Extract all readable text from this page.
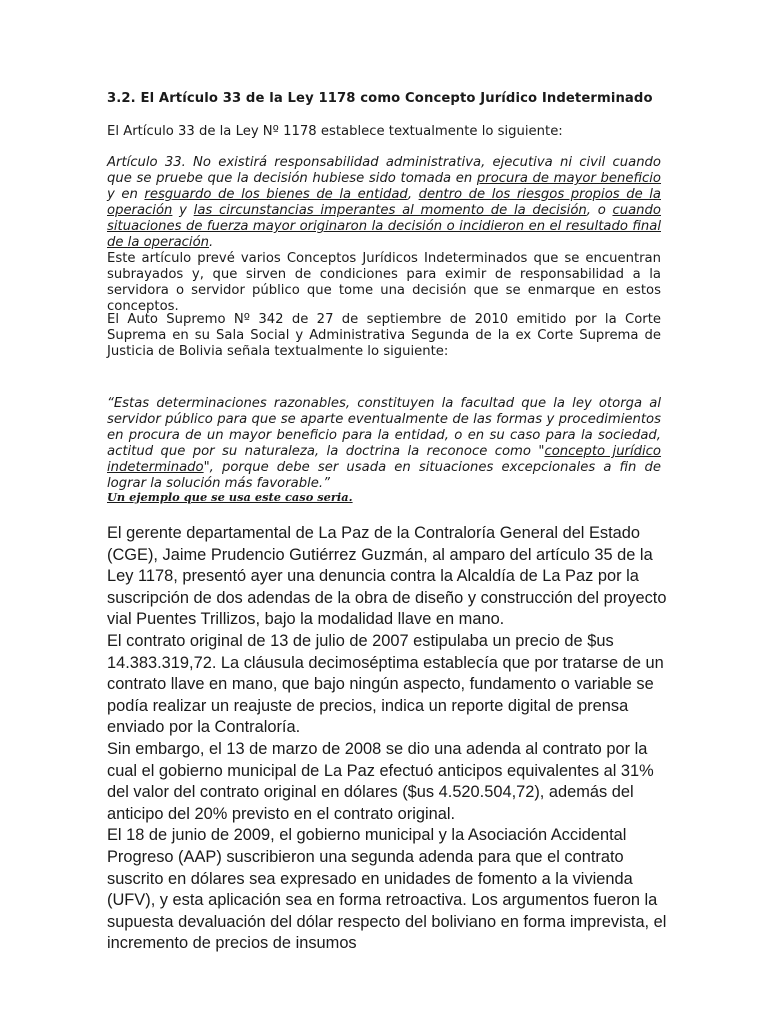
3.2. El Artículo 33 de la Ley 1178 como Concepto Jurídico Indeterminado

El Artículo 33 de la Ley Nº 1178 establece textualmente lo siguiente:

Artículo 33. No existirá responsabilidad administrativa, ejecutiva ni civil cuando que se pruebe que la decisión hubiese sido tomada en procura de mayor beneficio y en resguardo de los bienes de la entidad, dentro de los riesgos propios de la operación y las circunstancias imperantes al momento de la decisión, o cuando situaciones de fuerza mayor originaron la decisión o incidieron en el resultado final de la operación.

Este artículo prevé varios Conceptos Jurídicos Indeterminados que se encuentran subrayados y, que sirven de condiciones para eximir de responsabilidad a la servidora o servidor público que tome una decisión que se enmarque en estos conceptos.

El Auto Supremo Nº 342 de 27 de septiembre de 2010 emitido por la Corte Suprema en su Sala Social y Administrativa Segunda de la ex Corte Suprema de Justicia de Bolivia señala textualmente lo siguiente:

“Estas determinaciones razonables, constituyen la facultad que la ley otorga al servidor público para que se aparte eventualmente de las formas y procedimientos en procura de un mayor beneficio para la entidad, o en su caso para la sociedad, actitud que por su naturaleza, la doctrina la reconoce como "concepto jurídico indeterminado", porque debe ser usada en situaciones excepcionales a fin de lograr la solución más favorable.”

Un ejemplo que se usa este caso seria.

El gerente departamental de La Paz de la Contraloría General del Estado (CGE), Jaime Prudencio Gutiérrez Guzmán, al amparo del artículo 35 de la Ley 1178, presentó ayer una denuncia contra la Alcaldía de La Paz por la suscripción de dos adendas de la obra de diseño y construcción del proyecto vial Puentes Trillizos, bajo la modalidad llave en mano.

El contrato original de 13 de julio de 2007 estipulaba un precio de $us 14.383.319,72. La cláusula decimoséptima establecía que por tratarse de un contrato llave en mano, que bajo ningún aspecto, fundamento o variable se podía realizar un reajuste de precios, indica un reporte digital de prensa enviado por la Contraloría.

Sin embargo, el 13 de marzo de 2008 se dio una adenda al contrato por la cual el gobierno municipal de La Paz efectuó anticipos equivalentes al 31% del valor del contrato original en dólares ($us 4.520.504,72), además del anticipo del 20% previsto en el contrato original.

El 18 de junio de 2009, el gobierno municipal y la Asociación Accidental Progreso (AAP) suscribieron una segunda adenda para que el contrato suscrito en dólares sea expresado en unidades de fomento a la vivienda (UFV), y esta aplicación sea en forma retroactiva. Los argumentos fueron la supuesta devaluación del dólar respecto del boliviano en forma imprevista, el incremento de precios de insumos
